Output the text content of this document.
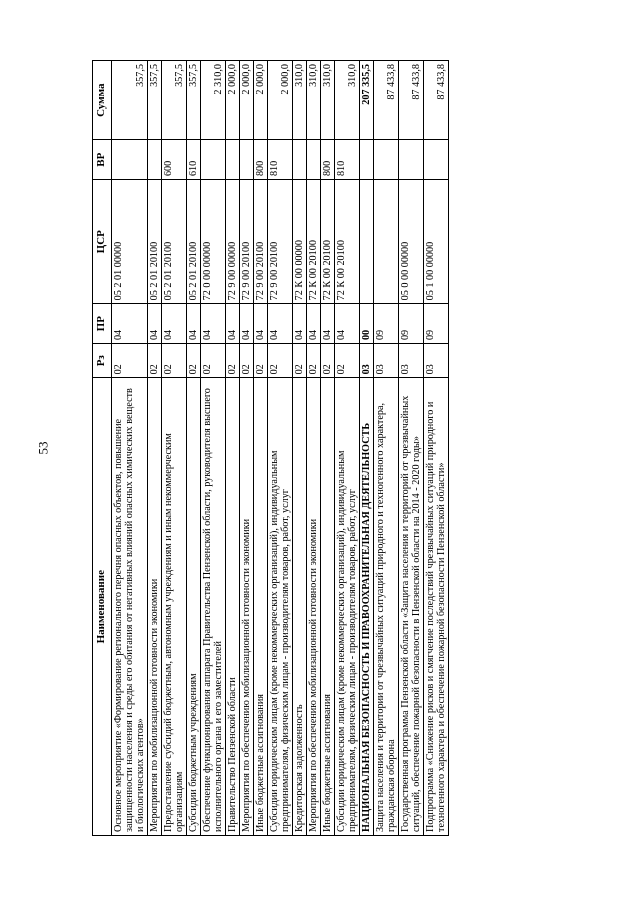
53
Наименование	Рз	ПР	ЦСР	ВР	Сумма
Основное мероприятие «Формирование регионального перечня опасных объектов, повышение защищенности населения и среды его обитания от негативных влияний опасных химических веществ и биологических агентов»	02	04	05 2 01 00000		357,5
Мероприятия по мобилизационной готовности экономики	02	04	05 2 01 20100		357,5
Предоставление субсидий бюджетным, автономным учреждениям и иным некоммерческим организациям	02	04	05 2 01 20100	600	357,5
Субсидии бюджетным учреждениям	02	04	05 2 01 20100	610	357,5
Обеспечение функционирования аппарата Правительства Пензенской области, руководителя высшего исполнительного органа и его заместителей	02	04	72 0 00 00000		2 310,0
Правительство Пензенской области	02	04	72 9 00 00000		2 000,0
Мероприятия по обеспечению мобилизационной готовности экономики	02	04	72 9 00 20100		2 000,0
Иные бюджетные ассигнования	02	04	72 9 00 20100	800	2 000,0
Субсидии юридическим лицам (кроме некоммерческих организаций), индивидуальным предпринимателям, физическим лицам - производителям товаров, работ, услуг	02	04	72 9 00 20100	810	2 000,0
Кредиторская задолженность	02	04	72 К 00 00000		310,0
Мероприятия по обеспечению мобилизационной готовности экономики	02	04	72 К 00 20100		310,0
Иные бюджетные ассигнования	02	04	72 К 00 20100	800	310,0
Субсидии юридическим лицам (кроме некоммерческих организаций), индивидуальным предпринимателям, физическим лицам - производителям товаров, работ, услуг	02	04	72 К 00 20100	810	310,0
НАЦИОНАЛЬНАЯ БЕЗОПАСНОСТЬ И ПРАВООХРАНИТЕЛЬНАЯ ДЕЯТЕЛЬНОСТЬ	03	00			207 335,5
Защита населения и территории от чрезвычайных ситуаций природного и техногенного характера, гражданская оборона	03	09			87 433,8
Государственная программа Пензенской области «Защита населения и территорий от чрезвычайных ситуаций, обеспечение пожарной безопасности в Пензенской области на 2014 - 2020 годы»	03	09	05 0 00 00000		87 433,8
Подпрограмма «Снижение рисков и смягчение последствий чрезвычайных ситуаций природного и техногенного характера и обеспечение пожарной безопасности Пензенской области»	03	09	05 1 00 00000		87 433,8
